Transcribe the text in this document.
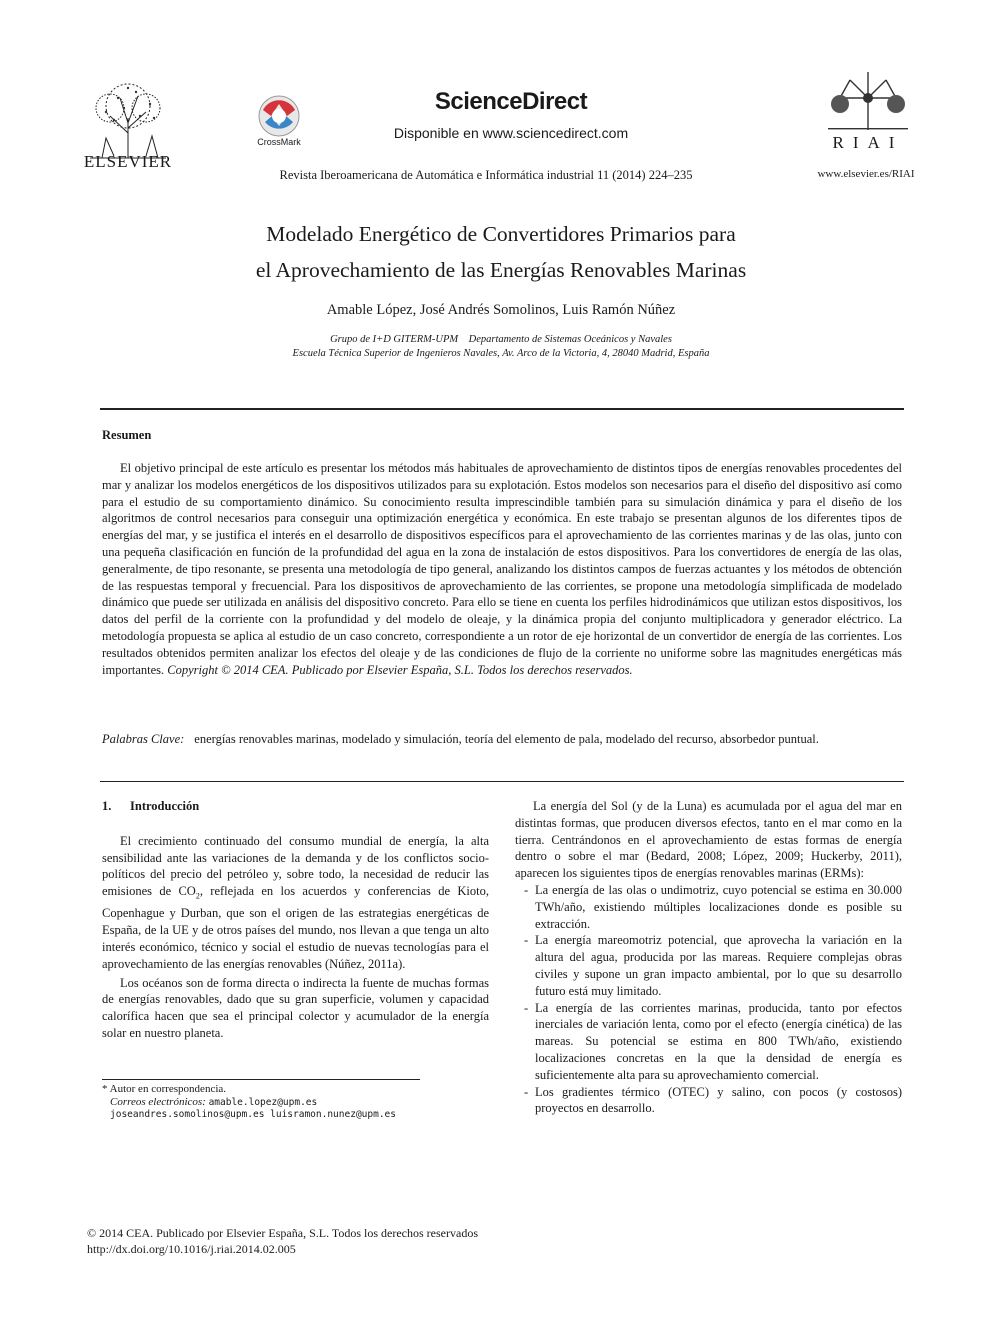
ELSEVIER
CrossMark
ScienceDirect
Disponible en www.sciencedirect.com
Revista Iberoamericana de Automática e Informática industrial 11 (2014) 224–235
RIAI
www.elsevier.es/RIAI
Modelado Energético de Convertidores Primarios para
el Aprovechamiento de las Energías Renovables Marinas
Amable López, José Andrés Somolinos, Luis Ramón Núñez
Grupo de I+D GITERM-UPM    Departamento de Sistemas Oceánicos y Navales
Escuela Técnica Superior de Ingenieros Navales, Av. Arco de la Victoria, 4, 28040 Madrid, España
Resumen
El objetivo principal de este artículo es presentar los métodos más habituales de aprovechamiento de distintos tipos de energías renovables procedentes del mar y analizar los modelos energéticos de los dispositivos utilizados para su explotación. Estos modelos son necesarios para el diseño del dispositivo así como para el estudio de su comportamiento dinámico. Su conocimiento resulta imprescindible también para su simulación dinámica y para el diseño de los algoritmos de control necesarios para conseguir una optimización energética y económica. En este trabajo se presentan algunos de los diferentes tipos de energías del mar, y se justifica el interés en el desarrollo de dispositivos específicos para el aprovechamiento de las corrientes marinas y de las olas, junto con una pequeña clasificación en función de la profundidad del agua en la zona de instalación de estos dispositivos. Para los convertidores de energía de las olas, generalmente, de tipo resonante, se presenta una metodología de tipo general, analizando los distintos campos de fuerzas actuantes y los métodos de obtención de las respuestas temporal y frecuencial. Para los dispositivos de aprovechamiento de las corrientes, se propone una metodología simplificada de modelado dinámico que puede ser utilizada en análisis del dispositivo concreto. Para ello se tiene en cuenta los perfiles hidrodinámicos que utilizan estos dispositivos, los datos del perfil de la corriente con la profundidad y del modelo de oleaje, y la dinámica propia del conjunto multiplicadora y generador eléctrico. La metodología propuesta se aplica al estudio de un caso concreto, correspondiente a un rotor de eje horizontal de un convertidor de energía de las corrientes. Los resultados obtenidos permiten analizar los efectos del oleaje y de las condiciones de flujo de la corriente no uniforme sobre las magnitudes energéticas más importantes. Copyright © 2014 CEA. Publicado por Elsevier España, S.L. Todos los derechos reservados.
Palabras Clave: energías renovables marinas, modelado y simulación, teoría del elemento de pala, modelado del recurso, absorbedor puntual.

1. Introducción

El crecimiento continuado del consumo mundial de energía, la alta sensibilidad ante las variaciones de la demanda y de los conflictos socio-políticos del precio del petróleo y, sobre todo, la necesidad de reducir las emisiones de $CO_2$, reflejada en los acuerdos y conferencias de Kioto, Copenhague y Durban, que son el origen de las estrategias energéticas de España, de la UE y de otros países del mundo, nos llevan a que tenga un alto interés económico, técnico y social el estudio de nuevas tecnologías para el aprovechamiento de las energías renovables (Núñez, 2011a).

Los océanos son de forma directa o indirecta la fuente de muchas formas de energías renovables, dado que su gran superficie, volumen y capacidad calorífica hacen que sea el principal colector y acumulador de la energía solar en nuestro planeta.

La energía del Sol (y de la Luna) es acumulada por el agua del mar en distintas formas, que producen diversos efectos, tanto en el mar como en la tierra. Centrándonos en el aprovechamiento de estas formas de energía dentro o sobre el mar (Bedard, 2008; López, 2009; Huckerby, 2011), aparecen los siguientes tipos de energías renovables marinas (ERMs):

- La energía de las olas o undimotriz, cuyo potencial se estima en 30.000 TWh/año, existiendo múltiples localizaciones donde es posible su extracción.
- La energía mareomotriz potencial, que aprovecha la variación en la altura del agua, producida por las mareas. Requiere complejas obras civiles y supone un gran impacto ambiental, por lo que su desarrollo futuro está muy limitado.
- La energía de las corrientes marinas, producida, tanto por efectos inerciales de variación lenta, como por el efecto (energía cinética) de las mareas. Su potencial se estima en 800 TWh/año, existiendo localizaciones concretas en la que la densidad de energía es suficientemente alta para su aprovechamiento comercial.
- Los gradientes térmico (OTEC) y salino, con pocos (y costosos) proyectos en desarrollo.
* Autor en correspondencia.
Correos electrónicos: amable.lopez@upm.es
joseandres.somolinos@upm.es luisramon.nunez@upm.es
© 2014 CEA. Publicado por Elsevier España, S.L. Todos los derechos reservados
http://dx.doi.org/10.1016/j.riai.2014.02.005
